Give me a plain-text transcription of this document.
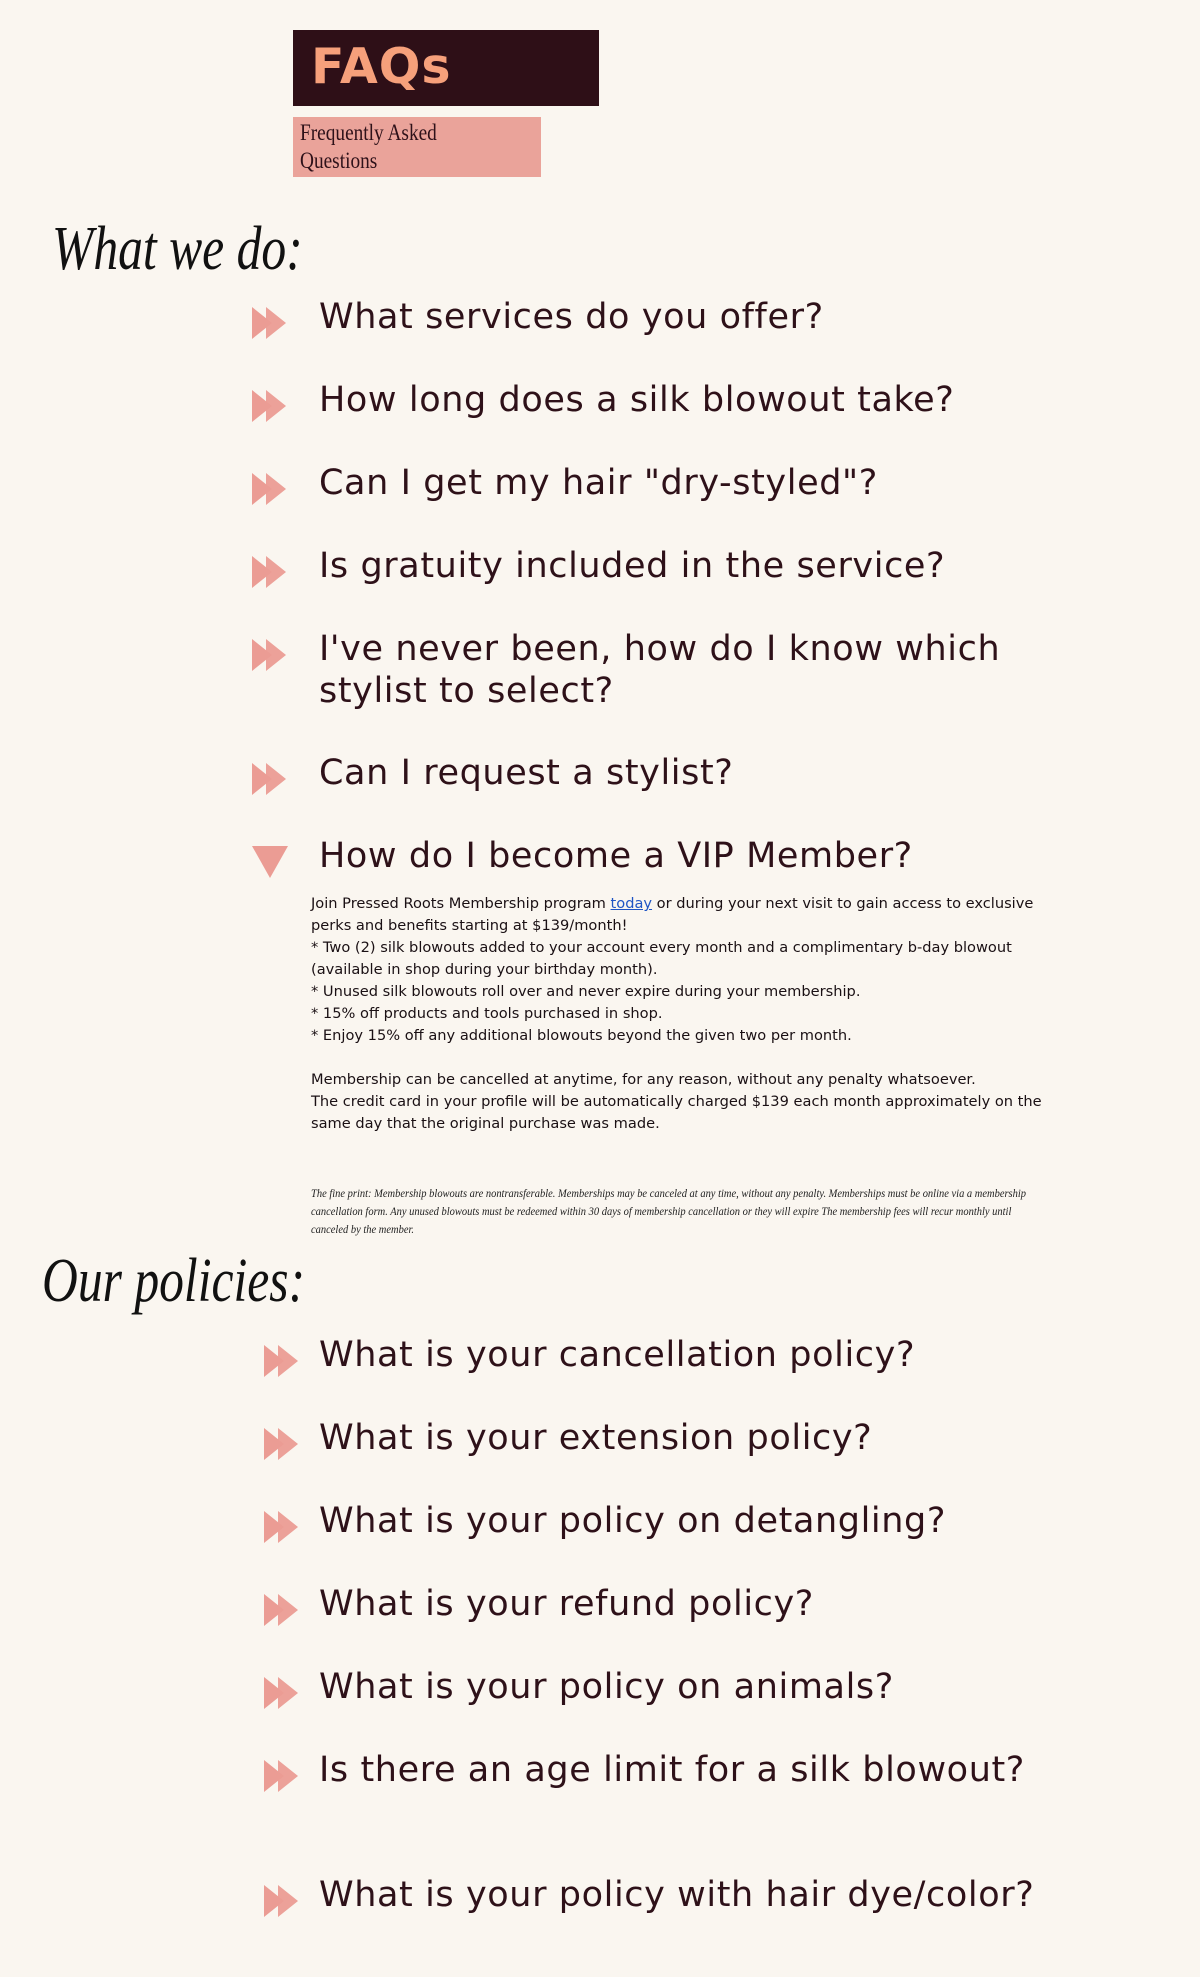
FAQs
Frequently Asked Questions
What we do:
What services do you offer?
How long does a silk blowout take?
Can I get my hair "dry-styled"?
Is gratuity included in the service?
I've never been, how do I know which stylist to select?
Can I request a stylist?
How do I become a VIP Member?

Join Pressed Roots Membership program today or during your next visit to gain access to exclusive perks and benefits starting at $139/month!

* Two (2) silk blowouts added to your account every month and a complimentary b-day blowout (available in shop during your birthday month).

* Unused silk blowouts roll over and never expire during your membership.

* 15% off products and tools purchased in shop.

* Enjoy 15% off any additional blowouts beyond the given two per month.

Membership can be cancelled at anytime, for any reason, without any penalty whatsoever.

The credit card in your profile will be automatically charged $139 each month approximately on the same day that the original purchase was made.

The fine print: Membership blowouts are nontransferable. Memberships may be canceled at any time, without any penalty. Memberships must be online via a membership cancellation form. Any unused blowouts must be redeemed within 30 days of membership cancellation or they will expire The membership fees will recur monthly until canceled by the member.
Our policies:
What is your cancellation policy?
What is your extension policy?
What is your policy on detangling?
What is your refund policy?
What is your policy on animals?
Is there an age limit for a silk blowout?
What is your policy with hair dye/color?
